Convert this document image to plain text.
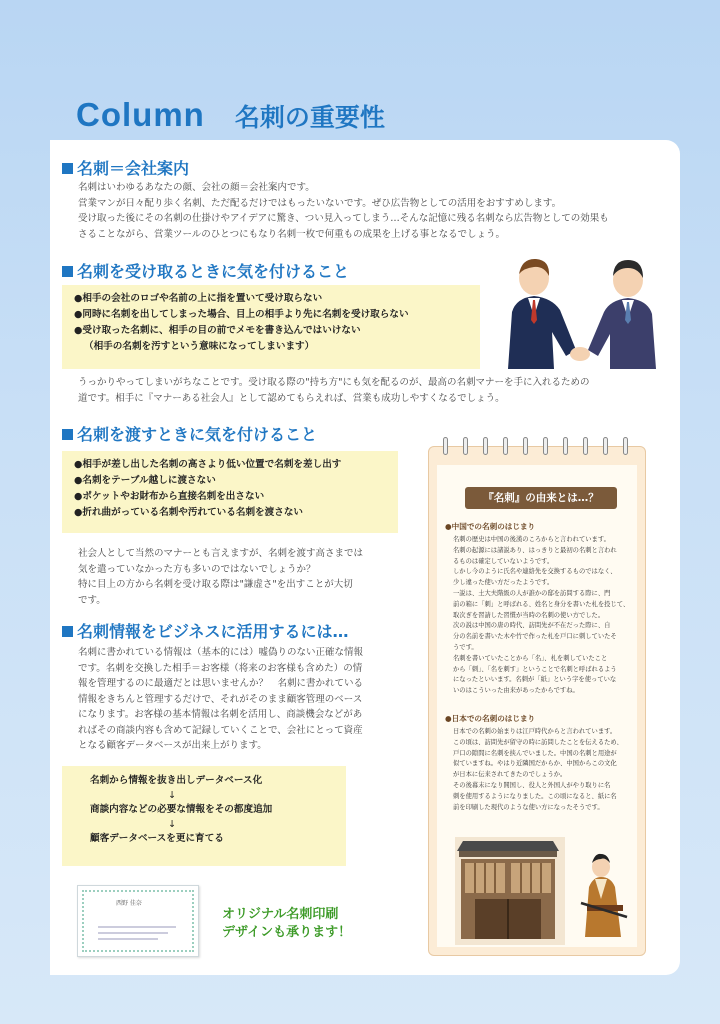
Column 名刺の重要性
名刺＝会社案内

名刺はいわゆるあなたの顔、会社の顔＝会社案内です。

営業マンが日々配り歩く名刺、ただ配るだけではもったいないです。ぜひ広告物としての活用をおすすめします。

受け取った後にその名刺の仕掛けやアイデアに驚き、つい見入ってしまう…そんな記憶に残る名刺なら広告物としての効果も

さることながら、営業ツールのひとつにもなり名刺一枚で何重もの成果を上げる事となるでしょう。

名刺を受け取るときに気を付けること

●相手の会社のロゴや名前の上に指を置いて受け取らない

●同時に名刺を出してしまった場合、目上の相手より先に名刺を受け取らない

●受け取った名刺に、相手の目の前でメモを書き込んではいけない

（相手の名刺を汚すという意味になってしまいます）

うっかりやってしまいがちなことです。受け取る際の"持ち方"にも気を配るのが、最高の名刺マナーを手に入れるための

道です。相手に『マナーある社会人』として認めてもらえれば、営業も成功しやすくなるでしょう。

名刺を渡すときに気を付けること

●相手が差し出した名刺の高さより低い位置で名刺を差し出す

●名刺をテーブル越しに渡さない

●ポケットやお財布から直接名刺を出さない

●折れ曲がっている名刺や汚れている名刺を渡さない

社会人として当然のマナーとも言えますが、名刺を渡す高さまでは

気を遣っていなかった方も多いのではないでしょうか？

特に目上の方から名刺を受け取る際は"謙虚さ"を出すことが大切

です。

名刺情報をビジネスに活用するには…

名刺に書かれている情報は（基本的には）嘘偽りのない正確な情報

です。名刺を交換した相手＝お客様（将来のお客様も含めた）の情

報を管理するのに最適だとは思いませんか？　名刺に書かれている

情報をきちんと管理するだけで、それがそのまま顧客管理のベース

になります。お客様の基本情報は名刺を活用し、商談機会などがあ

ればその商談内容も含めて記録していくことで、会社にとって資産

となる顧客データベースが出来上がります。

名刺から情報を抜き出しデータベース化

↓

商談内容などの必要な情報をその都度追加

↓

顧客データベースを更に育てる

西野 佳奈
オリジナル名刺印刷
デザインも承ります！
『名刺』の由来とは…？
●中国での名刺のはじまり

名刺の歴史は中国の後漢のころからと言われています。

名刺の起源には諸説あり、はっきりと最初の名刺と言われ

るものは確定していないようです。

しかし今のように氏名や連絡先を交換するものではなく、

少し違った使い方だったようです。

一説は、土大夫階級の人が誰かの邸を訪問する際に、門

前の箱に「刺」と呼ばれる、姓名と身分を書いた札を投じて、

取次ぎを習請した習慣が当時の名刺の使い方でした。

次の説は中国の唐の時代、訪問先が不在だった際に、自

分の名前を書いた木や竹で作った札を戸口に刺していたそ

うです。

名刺を書いていたことから「名」、札を刺していたこと

から「刺」、「名を刺す」ということで名刺と呼ばれるよう

になったといいます。名刺が「紙」という字を使っていな

いのはこういった由来があったからですね。

●日本での名刺のはじまり

日本での名刺の始まりは江戸時代からと言われています。

この頃は、訪問先が留守の時に訪問したことを伝えるため、

戸口の隙間に名刺を挟んでいました。中国の名刺と用途が

似ていますね。やはり近隣国だからか、中国からこの文化

が日本に伝来されてきたのでしょうか。

その後幕末になり開国し、役人と外国人がやり取りに名

刺を使用するようになりました。この頃になると、紙に名

前を印刷した現代のような使い方になったそうです。
